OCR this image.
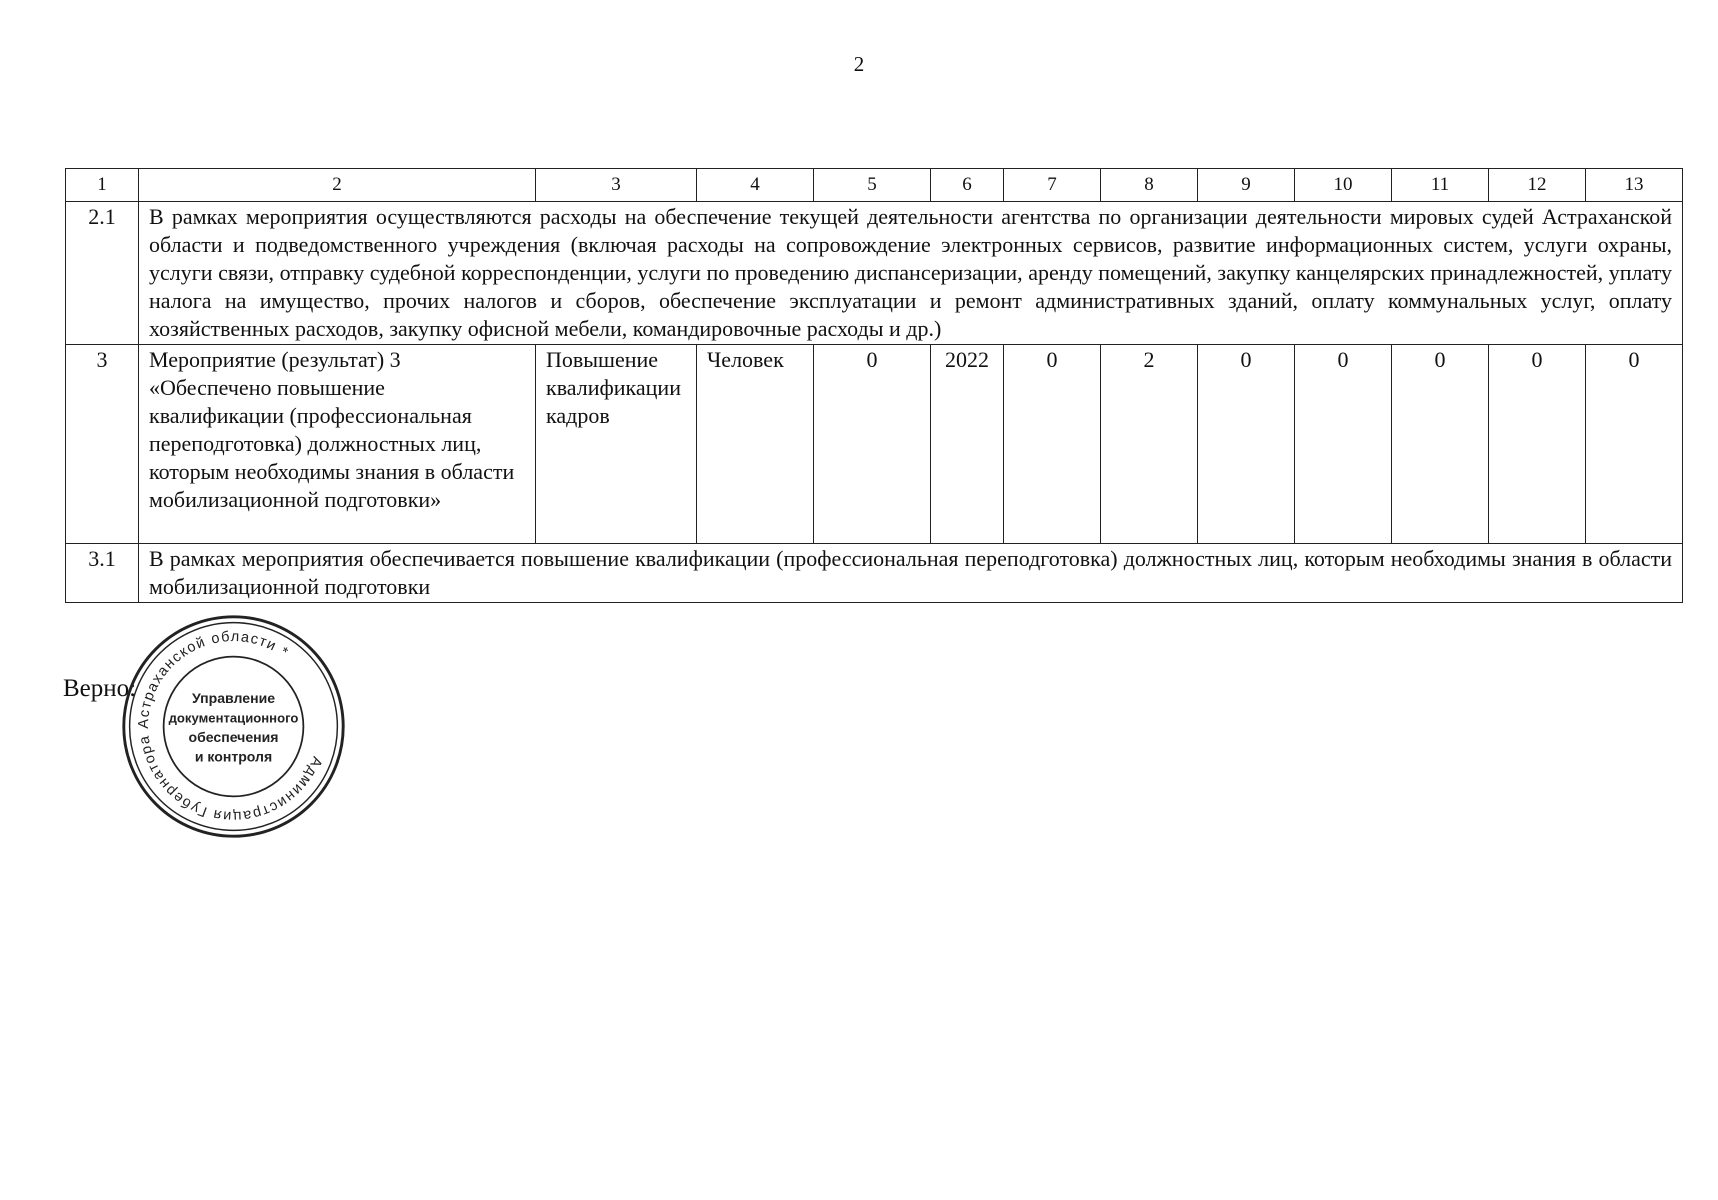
2
1	2	3	4	5	6	7	8	9	10	11	12	13
2.1	В рамках мероприятия осуществляются расходы на обеспечение текущей деятельности агентства по организации деятельности мировых судей Астраханской области и подведомственного учреждения (включая расходы на сопровождение электронных сервисов, развитие информационных систем, услуги охраны, услуги связи, отправку судебной корреспонденции, услуги по проведению диспансеризации, аренду помещений, закупку канцелярских принадлежностей, уплату налога на имущество, прочих налогов и сборов, обеспечение эксплуатации и ремонт административных зданий, оплату коммунальных услуг, оплату хозяйственных расходов, закупку офисной мебели, командировочные расходы и др.)											
3	Мероприятие (результат) 3 «Обеспечено повышение квалификации (профессиональная переподготовка) должностных лиц, которым необходимы знания в области мобилизационной подготовки»	Повышение квалификации кадров	Человек	0	2022	0	2	0	0	0	0	0
3.1	В рамках мероприятия обеспечивается повышение квалификации (профессиональная переподготовка) должностных лиц, которым необходимы знания в области мобилизационной подготовки											
Верно:
Администрация Губернатора Астраханской области *
Управление
документационного
обеспечения
и контроля
